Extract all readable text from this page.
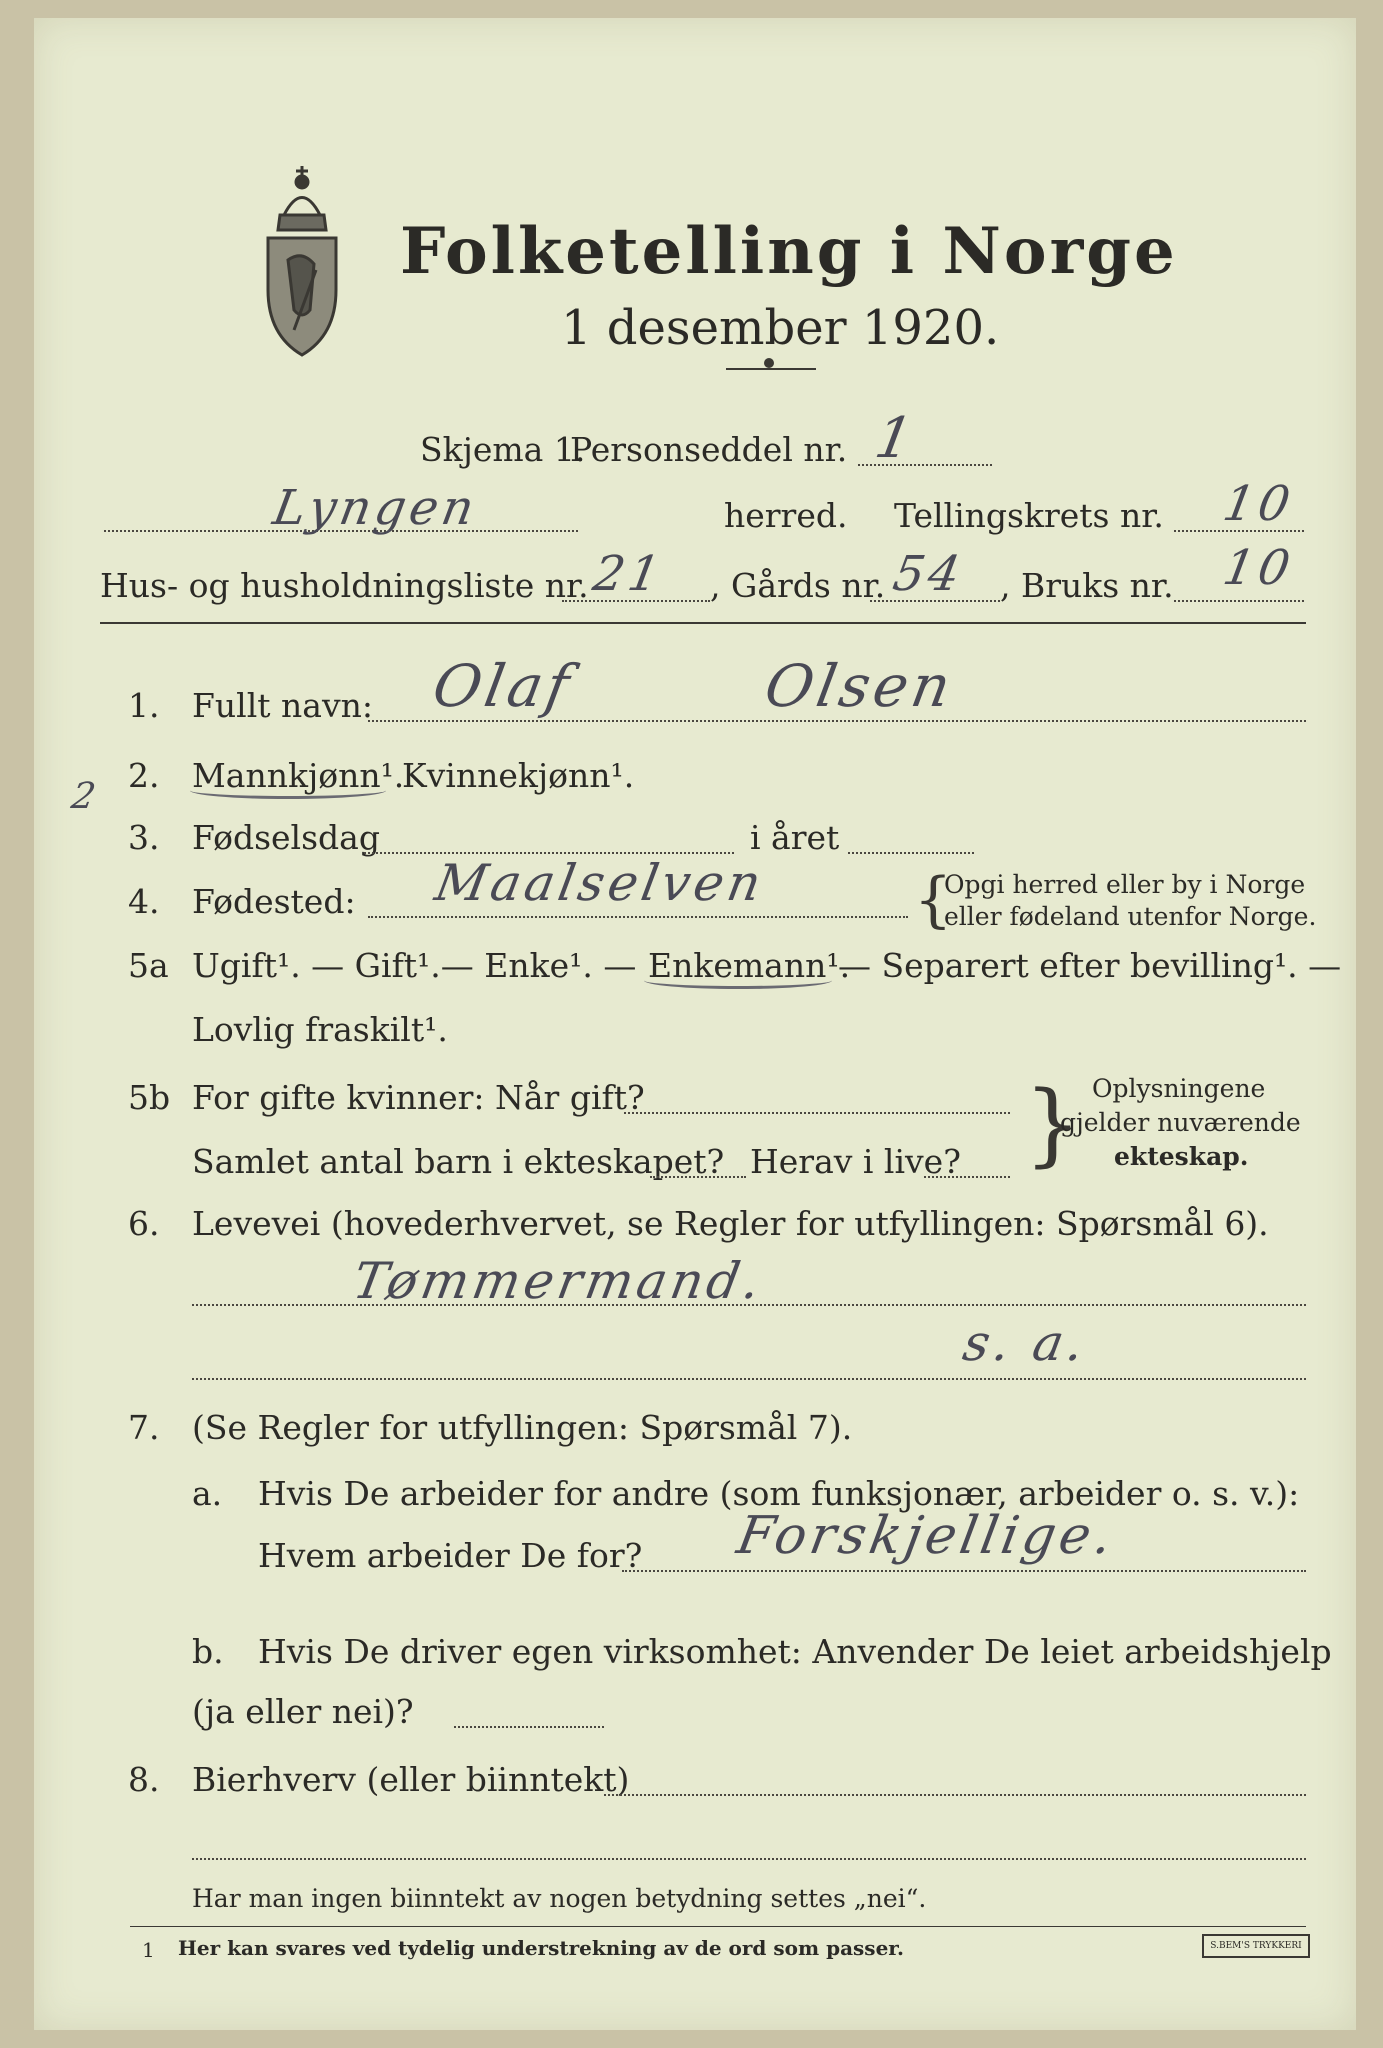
Folketelling i Norge
1 desember 1920.
Skjema 1.
Personseddel nr. 1
Lyngen	herred. Tellingskrets nr. 10
Hus- og husholdningsliste nr. 21 , Gårds nr. 54 , Bruks nr. 10
1. Fullt navn: Olaf	Olsen
2
2. Mannkjønn¹.
Kvinnekjønn¹.
3. Fødselsdag	i året
4. Fødested: Maalselven {
Opgi herred eller by i Norge
eller fødeland utenfor Norge.
5a Ugift¹. — Gift¹.— Enke¹. — Enkemann¹.
— Separert efter bevilling¹. —
Lovlig fraskilt¹.
5b For gifte kvinner: Når gift?
Samlet antal barn i ekteskapet? Herav i live? } Oplysningene
gjelder nuværende
ekteskap.
6. Levevei (hovederhvervet, se Regler for utfyllingen: Spørsmål 6).
Tømmermand.
s. a.
7. (Se Regler for utfyllingen: Spørsmål 7).
a. Hvis De arbeider for andre (som funksjonær, arbeider o. s. v.):
Hvem arbeider De for? Forskjellige.
b. Hvis De driver egen virksomhet: Anvender De leiet arbeidshjelp
(ja eller nei)?
8. Bierhverv (eller biinntekt)
Har man ingen biinntekt av nogen betydning settes „nei“.
1 Her kan svares ved tydelig understrekning av de ord som passer.	S.BEM'S TRYKKERI
